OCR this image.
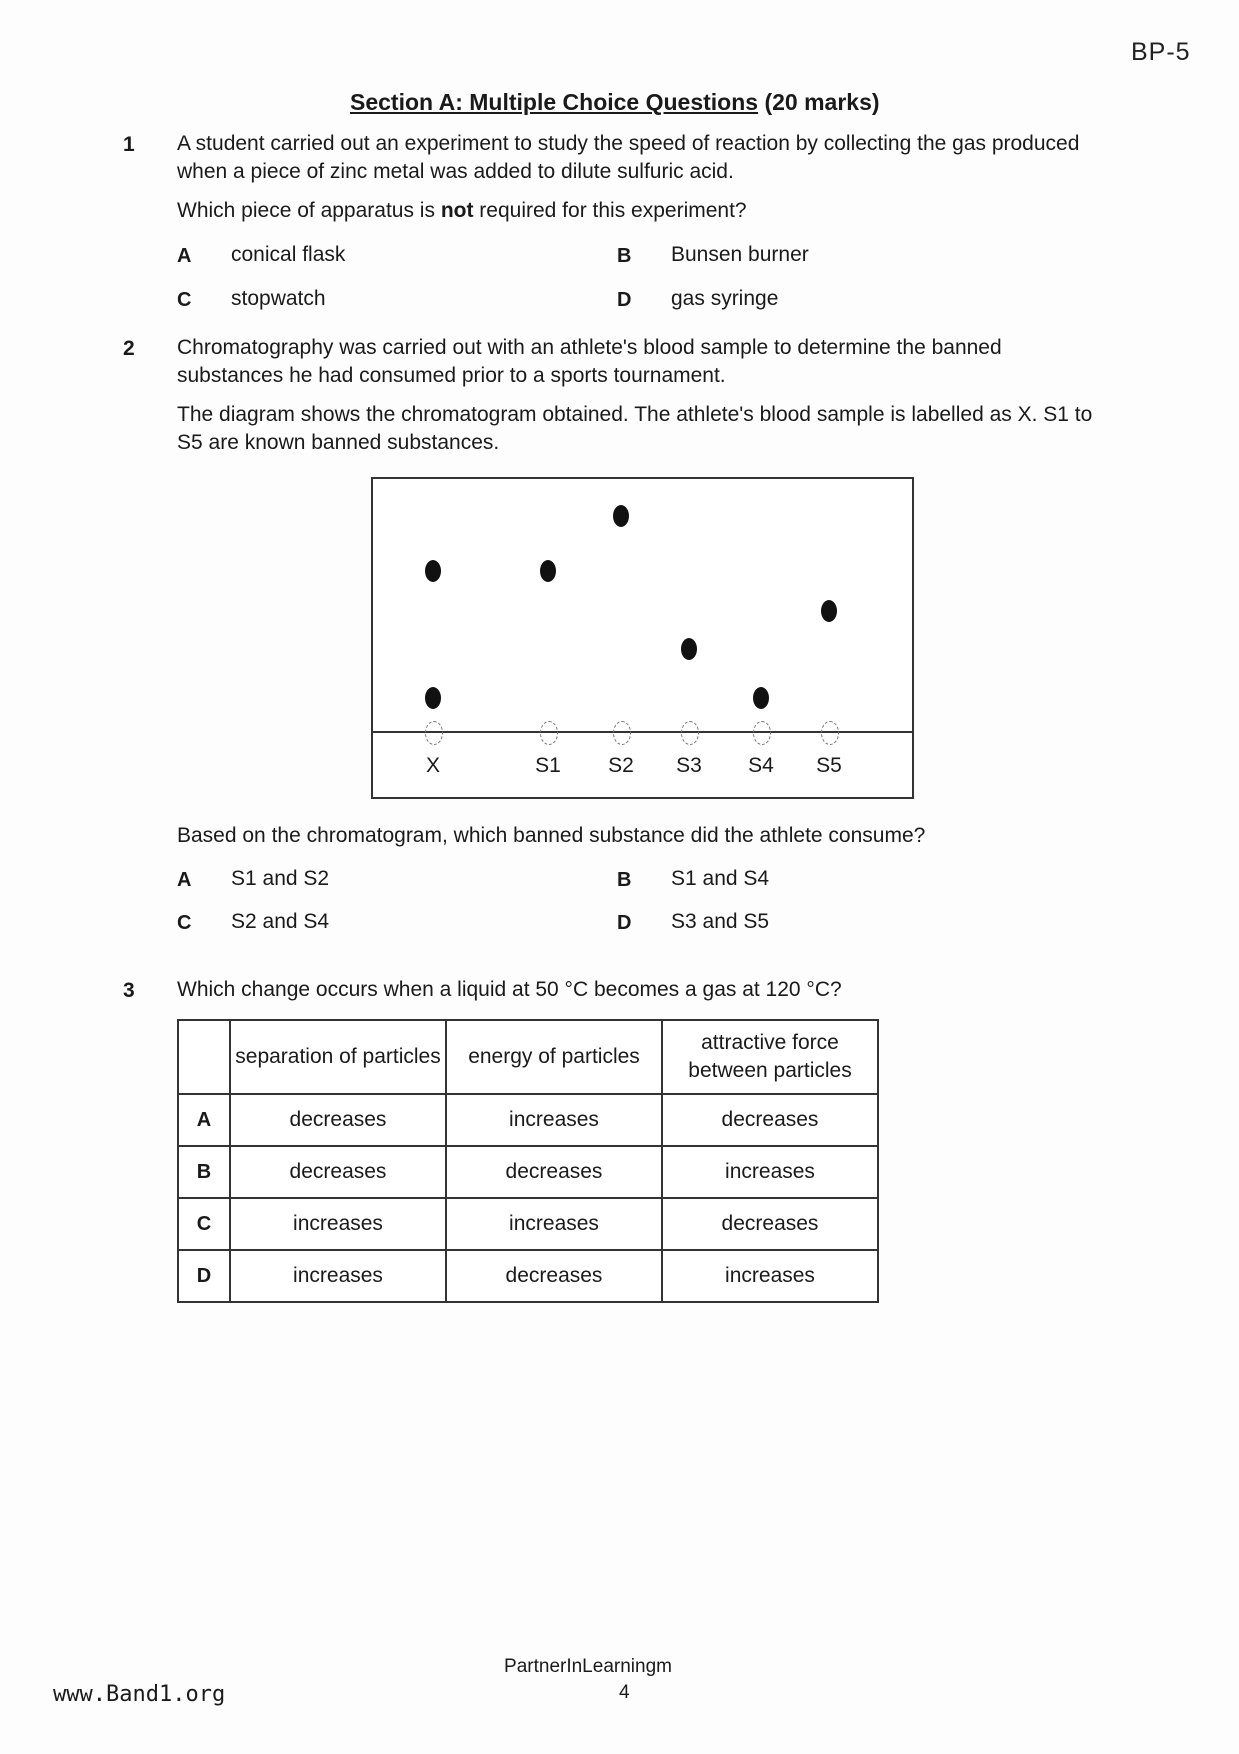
BP-5
Section A: Multiple Choice Questions (20 marks)
1 A student carried out an experiment to study the speed of reaction by collecting the gas produced when a piece of zinc metal was added to dilute sulfuric acid.
Which piece of apparatus is not required for this experiment?
A conical flask	B Bunsen burner
C stopwatch	D gas syringe
2 Chromatography was carried out with an athlete's blood sample to determine the banned substances he had consumed prior to a sports tournament.
The diagram shows the chromatogram obtained. The athlete's blood sample is labelled as X. S1 to S5 are known banned substances.
X	S1	S2	S3	S4	S5
Based on the chromatogram, which banned substance did the athlete consume?
A S1 and S2	B S1 and S4
C S2 and S4	D S3 and S5
3 Which change occurs when a liquid at 50 °C becomes a gas at 120 °C?
	separation of particles	energy of particles	attractive force between particles
A	decreases	increases	decreases
B	decreases	decreases	increases
C	increases	increases	decreases
D	increases	decreases	increases
PartnerInLearningm
4
www.Band1.org
